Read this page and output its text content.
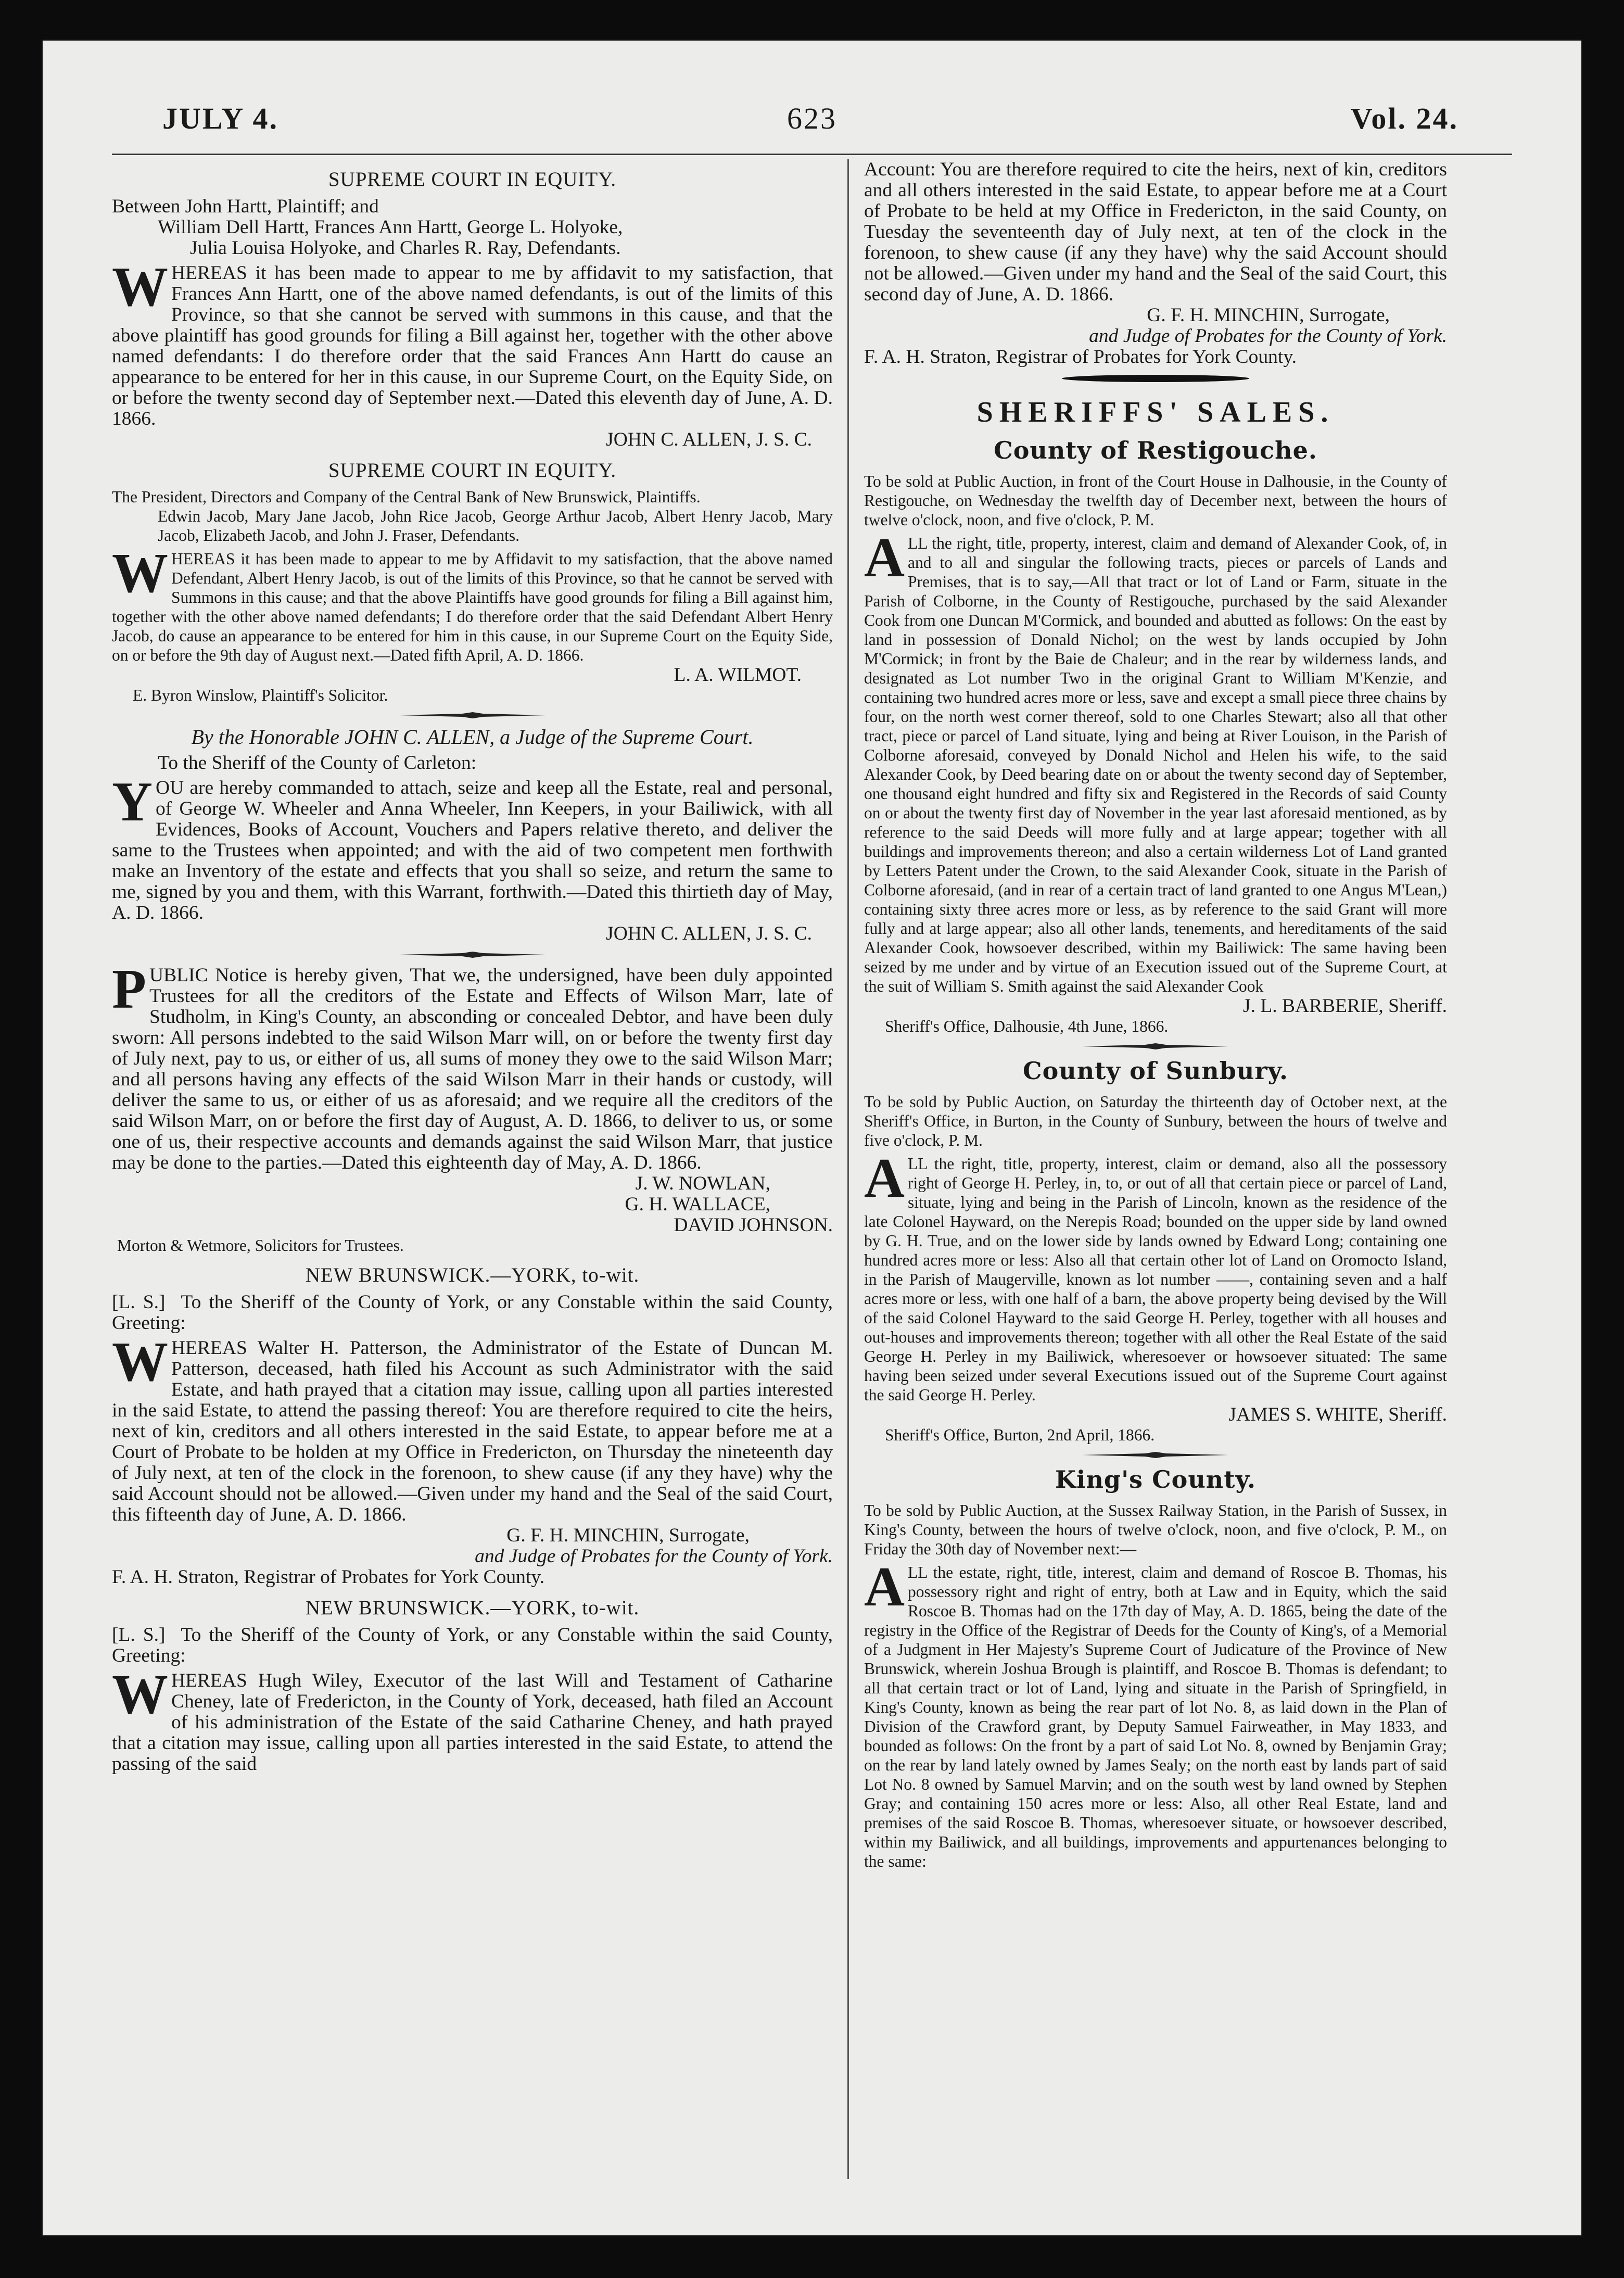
JULY 4.	623	Vol. 24.
SUPREME COURT IN EQUITY.

Between John Hartt, Plaintiff; and

William Dell Hartt, Frances Ann Hartt, George L. Holyoke,

Julia Louisa Holyoke, and Charles R. Ray, Defendants.

WHEREAS it has been made to appear to me by affidavit to my satisfaction, that Frances Ann Hartt, one of the above named defendants, is out of the limits of this Province, so that she cannot be served with summons in this cause, and that the above plaintiff has good grounds for filing a Bill against her, together with the other above named defendants: I do therefore order that the said Frances Ann Hartt do cause an appearance to be entered for her in this cause, in our Supreme Court, on the Equity Side, on or before the twenty second day of September next.—Dated this eleventh day of June, A. D. 1866.

JOHN C. ALLEN, J. S. C.

SUPREME COURT IN EQUITY.

The President, Directors and Company of the Central Bank of New Brunswick, Plaintiffs.

Edwin Jacob, Mary Jane Jacob, John Rice Jacob, George Arthur Jacob, Albert Henry Jacob, Mary Jacob, Elizabeth Jacob, and John J. Fraser, Defendants.

WHEREAS it has been made to appear to me by Affidavit to my satisfaction, that the above named Defendant, Albert Henry Jacob, is out of the limits of this Province, so that he cannot be served with Summons in this cause; and that the above Plaintiffs have good grounds for filing a Bill against him, together with the other above named defendants; I do therefore order that the said Defendant Albert Henry Jacob, do cause an appearance to be entered for him in this cause, in our Supreme Court on the Equity Side, on or before the 9th day of August next.—Dated fifth April, A. D. 1866.

L. A. WILMOT.

E. Byron Winslow, Plaintiff's Solicitor.

By the Honorable JOHN C. ALLEN, a Judge of the Supreme Court.

To the Sheriff of the County of Carleton:

YOU are hereby commanded to attach, seize and keep all the Estate, real and personal, of George W. Wheeler and Anna Wheeler, Inn Keepers, in your Bailiwick, with all Evidences, Books of Account, Vouchers and Papers relative thereto, and deliver the same to the Trustees when appointed; and with the aid of two competent men forthwith make an Inventory of the estate and effects that you shall so seize, and return the same to me, signed by you and them, with this Warrant, forthwith.—Dated this thirtieth day of May, A. D. 1866.

JOHN C. ALLEN, J. S. C.

PUBLIC Notice is hereby given, That we, the undersigned, have been duly appointed Trustees for all the creditors of the Estate and Effects of Wilson Marr, late of Studholm, in King's County, an absconding or concealed Debtor, and have been duly sworn: All persons indebted to the said Wilson Marr will, on or before the twenty first day of July next, pay to us, or either of us, all sums of money they owe to the said Wilson Marr; and all persons having any effects of the said Wilson Marr in their hands or custody, will deliver the same to us, or either of us as aforesaid; and we require all the creditors of the said Wilson Marr, on or before the first day of August, A. D. 1866, to deliver to us, or some one of us, their respective accounts and demands against the said Wilson Marr, that justice may be done to the parties.—Dated this eighteenth day of May, A. D. 1866.

J. W. NOWLAN,

G. H. WALLACE,

DAVID JOHNSON.

Morton & Wetmore, Solicitors for Trustees.

NEW BRUNSWICK.—YORK, to-wit.

[L. S.] To the Sheriff of the County of York, or any Constable within the said County, Greeting:

WHEREAS Walter H. Patterson, the Administrator of the Estate of Duncan M. Patterson, deceased, hath filed his Account as such Administrator with the said Estate, and hath prayed that a citation may issue, calling upon all parties interested in the said Estate, to attend the passing thereof: You are therefore required to cite the heirs, next of kin, creditors and all others interested in the said Estate, to appear before me at a Court of Probate to be holden at my Office in Fredericton, on Thursday the nineteenth day of July next, at ten of the clock in the forenoon, to shew cause (if any they have) why the said Account should not be allowed.—Given under my hand and the Seal of the said Court, this fifteenth day of June, A. D. 1866.

G. F. H. MINCHIN, Surrogate,

and Judge of Probates for the County of York.

F. A. H. Straton, Registrar of Probates for York County.

NEW BRUNSWICK.—YORK, to-wit.

[L. S.] To the Sheriff of the County of York, or any Constable within the said County, Greeting:

WHEREAS Hugh Wiley, Executor of the last Will and Testament of Catharine Cheney, late of Fredericton, in the County of York, deceased, hath filed an Account of his administration of the Estate of the said Catharine Cheney, and hath prayed that a citation may issue, calling upon all parties interested in the said Estate, to attend the passing of the said

Account: You are therefore required to cite the heirs, next of kin, creditors and all others interested in the said Estate, to appear before me at a Court of Probate to be held at my Office in Fredericton, in the said County, on Tuesday the seventeenth day of July next, at ten of the clock in the forenoon, to shew cause (if any they have) why the said Account should not be allowed.—Given under my hand and the Seal of the said Court, this second day of June, A. D. 1866.

G. F. H. MINCHIN, Surrogate,

and Judge of Probates for the County of York.

F. A. H. Straton, Registrar of Probates for York County.

SHERIFFS' SALES.
County of Restigouche.

To be sold at Public Auction, in front of the Court House in Dalhousie, in the County of Restigouche, on Wednesday the twelfth day of December next, between the hours of twelve o'clock, noon, and five o'clock, P. M.

ALL the right, title, property, interest, claim and demand of Alexander Cook, of, in and to all and singular the following tracts, pieces or parcels of Lands and Premises, that is to say,—All that tract or lot of Land or Farm, situate in the Parish of Colborne, in the County of Restigouche, purchased by the said Alexander Cook from one Duncan M'Cormick, and bounded and abutted as follows: On the east by land in possession of Donald Nichol; on the west by lands occupied by John M'Cormick; in front by the Baie de Chaleur; and in the rear by wilderness lands, and designated as Lot number Two in the original Grant to William M'Kenzie, and containing two hundred acres more or less, save and except a small piece three chains by four, on the north west corner thereof, sold to one Charles Stewart; also all that other tract, piece or parcel of Land situate, lying and being at River Louison, in the Parish of Colborne aforesaid, conveyed by Donald Nichol and Helen his wife, to the said Alexander Cook, by Deed bearing date on or about the twenty second day of September, one thousand eight hundred and fifty six and Registered in the Records of said County on or about the twenty first day of November in the year last aforesaid mentioned, as by reference to the said Deeds will more fully and at large appear; together with all buildings and improvements thereon; and also a certain wilderness Lot of Land granted by Letters Patent under the Crown, to the said Alexander Cook, situate in the Parish of Colborne aforesaid, (and in rear of a certain tract of land granted to one Angus M'Lean,) containing sixty three acres more or less, as by reference to the said Grant will more fully and at large appear; also all other lands, tenements, and hereditaments of the said Alexander Cook, howsoever described, within my Bailiwick: The same having been seized by me under and by virtue of an Execution issued out of the Supreme Court, at the suit of William S. Smith against the said Alexander Cook

J. L. BARBERIE, Sheriff.

Sheriff's Office, Dalhousie, 4th June, 1866.

County of Sunbury.

To be sold by Public Auction, on Saturday the thirteenth day of October next, at the Sheriff's Office, in Burton, in the County of Sunbury, between the hours of twelve and five o'clock, P. M.

ALL the right, title, property, interest, claim or demand, also all the possessory right of George H. Perley, in, to, or out of all that certain piece or parcel of Land, situate, lying and being in the Parish of Lincoln, known as the residence of the late Colonel Hayward, on the Nerepis Road; bounded on the upper side by land owned by G. H. True, and on the lower side by lands owned by Edward Long; containing one hundred acres more or less: Also all that certain other lot of Land on Oromocto Island, in the Parish of Maugerville, known as lot number ——, containing seven and a half acres more or less, with one half of a barn, the above property being devised by the Will of the said Colonel Hayward to the said George H. Perley, together with all houses and out-houses and improvements thereon; together with all other the Real Estate of the said George H. Perley in my Bailiwick, wheresoever or howsoever situated: The same having been seized under several Executions issued out of the Supreme Court against the said George H. Perley.

JAMES S. WHITE, Sheriff.

Sheriff's Office, Burton, 2nd April, 1866.

King's County.

To be sold by Public Auction, at the Sussex Railway Station, in the Parish of Sussex, in King's County, between the hours of twelve o'clock, noon, and five o'clock, P. M., on Friday the 30th day of November next:—

ALL the estate, right, title, interest, claim and demand of Roscoe B. Thomas, his possessory right and right of entry, both at Law and in Equity, which the said Roscoe B. Thomas had on the 17th day of May, A. D. 1865, being the date of the registry in the Office of the Registrar of Deeds for the County of King's, of a Memorial of a Judgment in Her Majesty's Supreme Court of Judicature of the Province of New Brunswick, wherein Joshua Brough is plaintiff, and Roscoe B. Thomas is defendant; to all that certain tract or lot of Land, lying and situate in the Parish of Springfield, in King's County, known as being the rear part of lot No. 8, as laid down in the Plan of Division of the Crawford grant, by Deputy Samuel Fairweather, in May 1833, and bounded as follows: On the front by a part of said Lot No. 8, owned by Benjamin Gray; on the rear by land lately owned by James Sealy; on the north east by lands part of said Lot No. 8 owned by Samuel Marvin; and on the south west by land owned by Stephen Gray; and containing 150 acres more or less: Also, all other Real Estate, land and premises of the said Roscoe B. Thomas, wheresoever situate, or howsoever described, within my Bailiwick, and all buildings, improvements and appurtenances belonging to the same:
